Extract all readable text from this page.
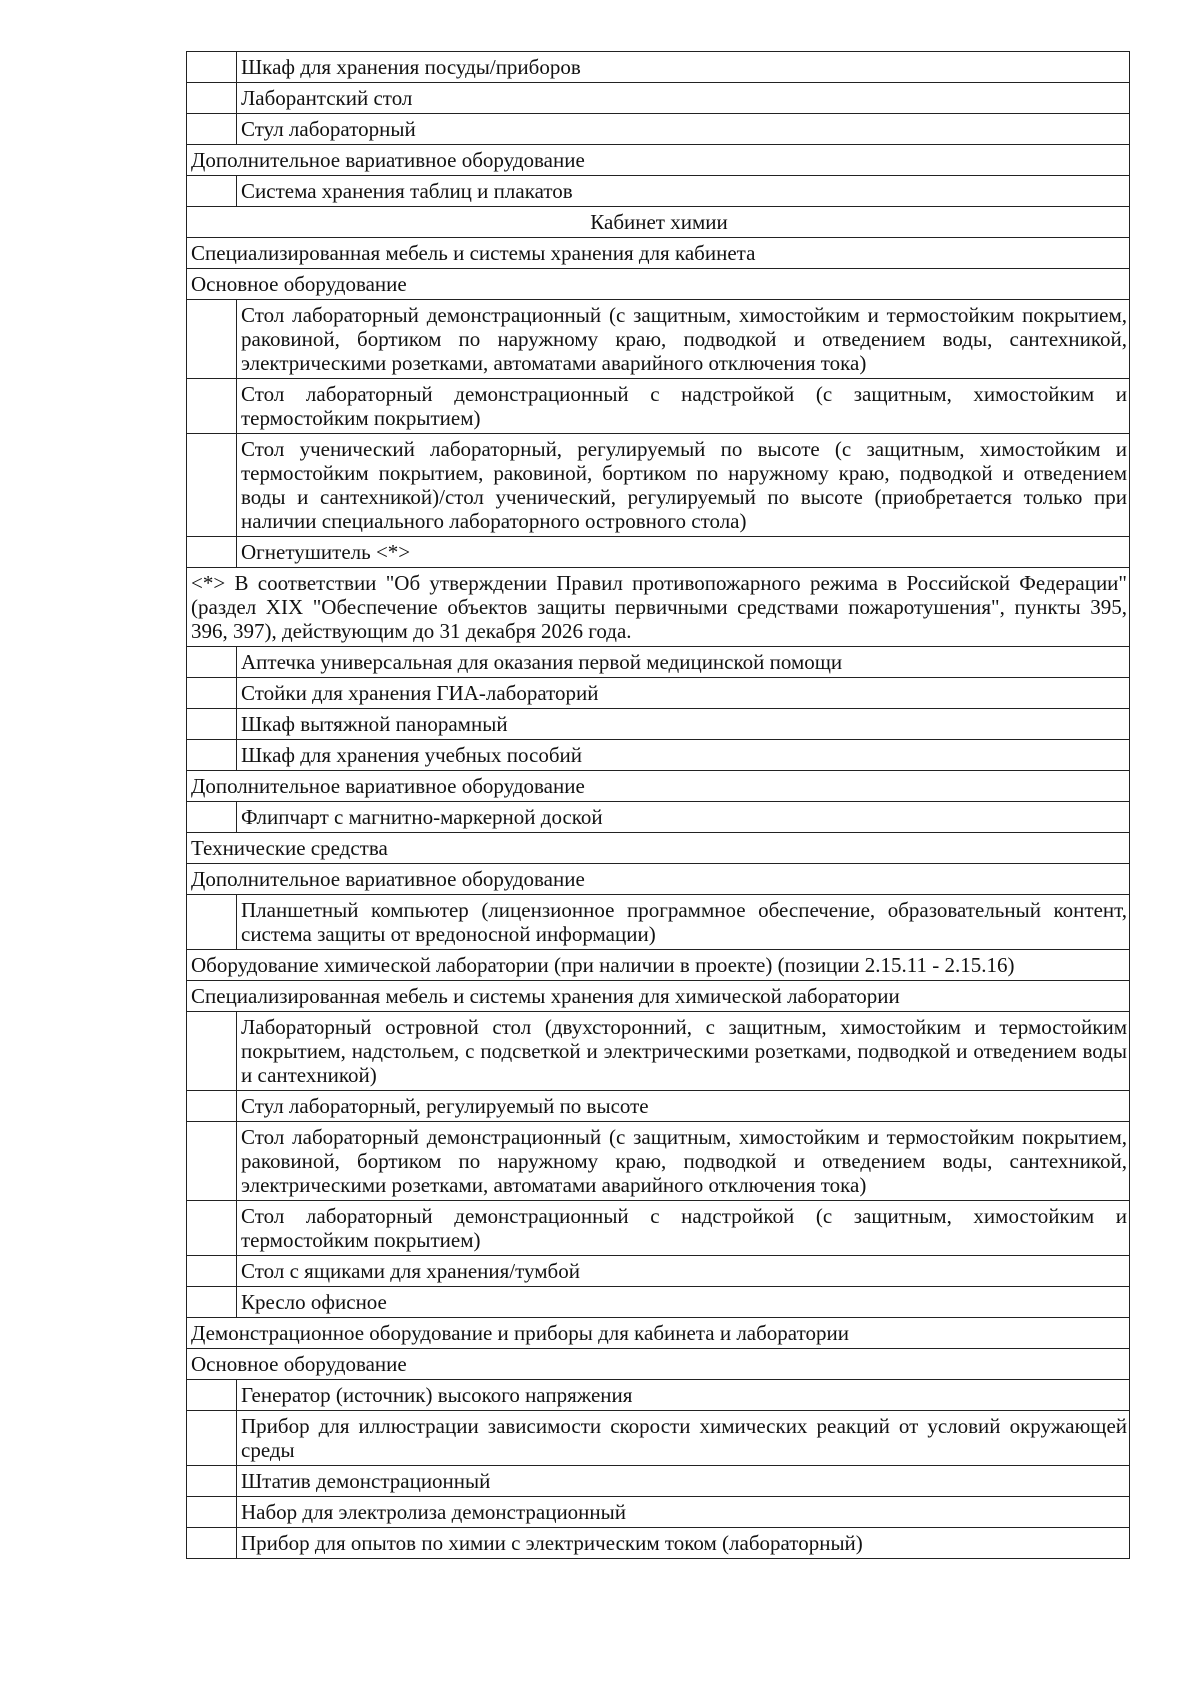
	Шкаф для хранения посуды/приборов
	Лаборантский стол
	Стул лабораторный
Дополнительное вариативное оборудование	
	Система хранения таблиц и плакатов
Кабинет химии	
Специализированная мебель и системы хранения для кабинета	
Основное оборудование	
	Стол лабораторный демонстрационный (с защитным, химостойким и термостойким покрытием, раковиной, бортиком по наружному краю, подводкой и отведением воды, сантехникой, электрическими розетками, автоматами аварийного отключения тока)
	Стол лабораторный демонстрационный с надстройкой (с защитным, химостойким и термостойким покрытием)
	Стол ученический лабораторный, регулируемый по высоте (с защитным, химостойким и термостойким покрытием, раковиной, бортиком по наружному краю, подводкой и отведением воды и сантехникой)/стол ученический, регулируемый по высоте (приобретается только при наличии специального лабораторного островного стола)
	Огнетушитель <*>
<*> В соответствии "Об утверждении Правил противопожарного режима в Российской Федерации" (раздел XIX "Обеспечение объектов защиты первичными средствами пожаротушения", пункты 395, 396, 397), действующим до 31 декабря 2026 года.	
	Аптечка универсальная для оказания первой медицинской помощи
	Стойки для хранения ГИА-лабораторий
	Шкаф вытяжной панорамный
	Шкаф для хранения учебных пособий
Дополнительное вариативное оборудование	
	Флипчарт с магнитно-маркерной доской
Технические средства	
Дополнительное вариативное оборудование	
	Планшетный компьютер (лицензионное программное обеспечение, образовательный контент, система защиты от вредоносной информации)
Оборудование химической лаборатории (при наличии в проекте) (позиции 2.15.11 - 2.15.16)	
Специализированная мебель и системы хранения для химической лаборатории	
	Лабораторный островной стол (двухсторонний, с защитным, химостойким и термостойким покрытием, надстольем, с подсветкой и электрическими розетками, подводкой и отведением воды и сантехникой)
	Стул лабораторный, регулируемый по высоте
	Стол лабораторный демонстрационный (с защитным, химостойким и термостойким покрытием, раковиной, бортиком по наружному краю, подводкой и отведением воды, сантехникой, электрическими розетками, автоматами аварийного отключения тока)
	Стол лабораторный демонстрационный с надстройкой (с защитным, химостойким и термостойким покрытием)
	Стол с ящиками для хранения/тумбой
	Кресло офисное
Демонстрационное оборудование и приборы для кабинета и лаборатории	
Основное оборудование	
	Генератор (источник) высокого напряжения
	Прибор для иллюстрации зависимости скорости химических реакций от условий окружающей среды
	Штатив демонстрационный
	Набор для электролиза демонстрационный
	Прибор для опытов по химии с электрическим током (лабораторный)
